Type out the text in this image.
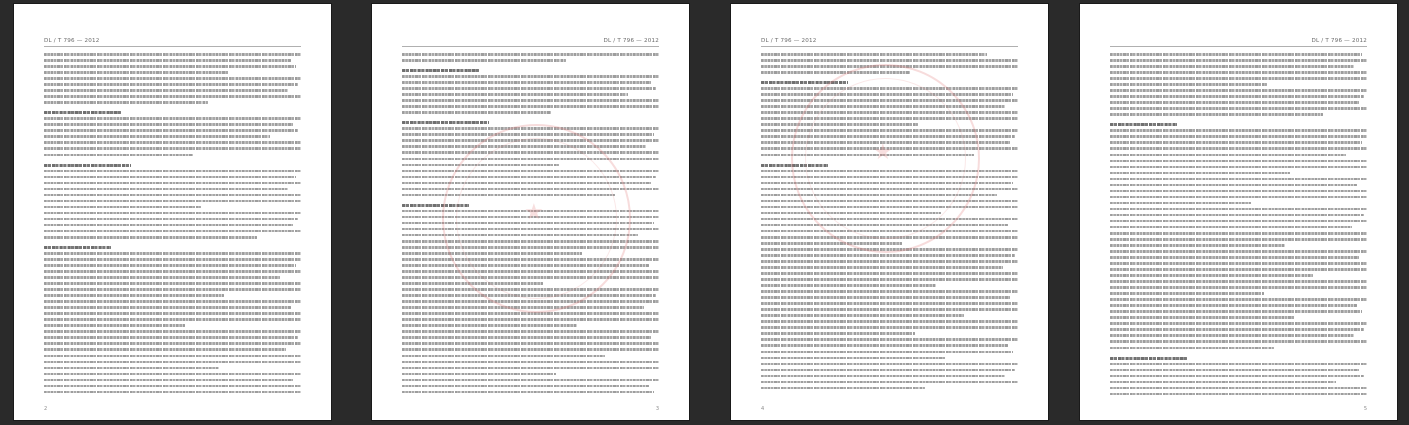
DL / T 796 — 2012
2
DL / T 796 — 2012
★
3
DL / T 796 — 2012
★
4
DL / T 796 — 2012
5
